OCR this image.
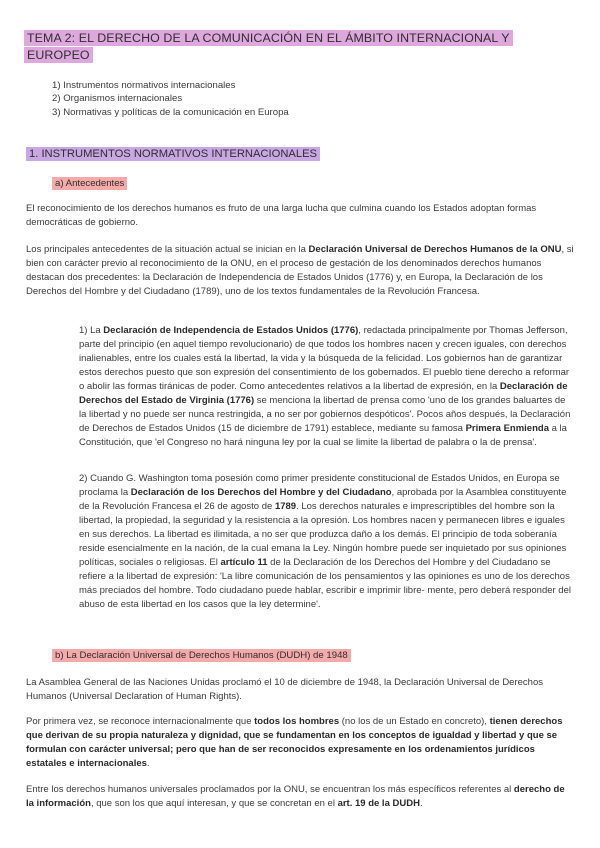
TEMA 2: EL DERECHO DE LA COMUNICACIÓN EN EL ÁMBITO INTERNACIONAL Y EUROPEO
1) Instrumentos normativos internacionales
2) Organismos internacionales
3) Normativas y políticas de la comunicación en Europa
1. INSTRUMENTOS NORMATIVOS INTERNACIONALES
a) Antecedentes

El reconocimiento de los derechos humanos es fruto de una larga lucha que culmina cuando los Estados adoptan formas democráticas de gobierno.

Los principales antecedentes de la situación actual se inician en la Declaración Universal de Derechos Humanos de la ONU, si bien con carácter previo al reconocimiento de la ONU, en el proceso de gestación de los denominados derechos humanos destacan dos precedentes: la Declaración de Independencia de Estados Unidos (1776) y, en Europa, la Declaración de los Derechos del Hombre y del Ciudadano (1789), uno de los textos fundamentales de la Revolución Francesa.

1) La Declaración de Independencia de Estados Unidos (1776), redactada principalmente por Thomas Jefferson, parte del principio (en aquel tiempo revolucionario) de que todos los hombres nacen y crecen iguales, con derechos inalienables, entre los cuales está la libertad, la vida y la búsqueda de la felicidad. Los gobiernos han de garantizar estos derechos puesto que son expresión del consentimiento de los gobernados. El pueblo tiene derecho a reformar o abolir las formas tiránicas de poder. Como antecedentes relativos a la libertad de expresión, en la Declaración de Derechos del Estado de Virginia (1776) se menciona la libertad de prensa como 'uno de los grandes baluartes de la libertad y no puede ser nunca restringida, a no ser por gobiernos despóticos'. Pocos años después, la Declaración de Derechos de Estados Unidos (15 de diciembre de 1791) establece, mediante su famosa Primera Enmienda a la Constitución, que 'el Congreso no hará ninguna ley por la cual se limite la libertad de palabra o la de prensa'.

2) Cuando G. Washington toma posesión como primer presidente constitucional de Estados Unidos, en Europa se proclama la Declaración de los Derechos del Hombre y del Ciudadano, aprobada por la Asamblea constituyente de la Revolución Francesa el 26 de agosto de 1789. Los derechos naturales e imprescriptibles del hombre son la libertad, la propiedad, la seguridad y la resistencia a la opresión. Los hombres nacen y permanecen libres e iguales en sus derechos. La libertad es ilimitada, a no ser que produzca daño a los demás. El principio de toda soberanía reside esencialmente en la nación, de la cual emana la Ley. Ningún hombre puede ser inquietado por sus opiniones políticas, sociales o religiosas. El artículo 11 de la Declaración de los Derechos del Hombre y del Ciudadano se refiere a la libertad de expresión: 'La libre comunicación de los pensamientos y las opiniones es uno de los derechos más preciados del hombre. Todo ciudadano puede hablar, escribir e imprimir libre- mente, pero deberá responder del abuso de esta libertad en los casos que la ley determine'.

b) La Declaración Universal de Derechos Humanos (DUDH) de 1948

La Asamblea General de las Naciones Unidas proclamó el 10 de diciembre de 1948, la Declaración Universal de Derechos Humanos (Universal Declaration of Human Rights).

Por primera vez, se reconoce internacionalmente que todos los hombres (no los de un Estado en concreto), tienen derechos que derivan de su propia naturaleza y dignidad, que se fundamentan en los conceptos de igualdad y libertad y que se formulan con carácter universal; pero que han de ser reconocidos expresamente en los ordenamientos jurídicos estatales e internacionales.

Entre los derechos humanos universales proclamados por la ONU, se encuentran los más específicos referentes al derecho de la información, que son los que aquí interesan, y que se concretan en el art. 19 de la DUDH.
